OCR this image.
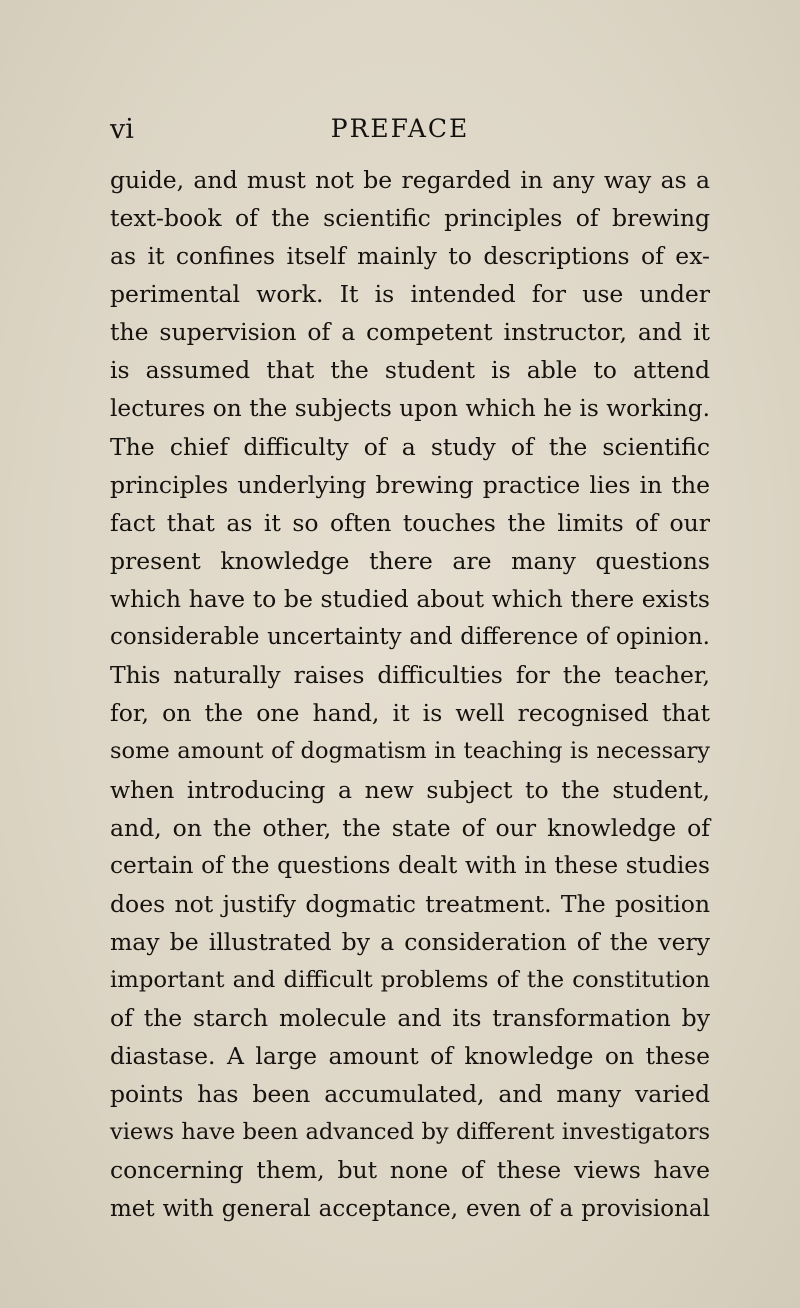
vi	PREFACE
guide, and must not be regarded in any way as a
text-book of the scientific principles of brewing
as it confines itself mainly to descriptions of ex-
perimental work. It is intended for use under
the supervision of a competent instructor, and it
is assumed that the student is able to attend
lectures on the subjects upon which he is working.
The chief difficulty of a study of the scientific
principles underlying brewing practice lies in the
fact that as it so often touches the limits of our
present knowledge there are many questions
which have to be studied about which there exists
considerable uncertainty and difference of opinion.
This naturally raises difficulties for the teacher,
for, on the one hand, it is well recognised that
some amount of dogmatism in teaching is necessary
when introducing a new subject to the student,
and, on the other, the state of our knowledge of
certain of the questions dealt with in these studies
does not justify dogmatic treatment. The position
may be illustrated by a consideration of the very
important and difficult problems of the constitution
of the starch molecule and its transformation by
diastase. A large amount of knowledge on these
points has been accumulated, and many varied
views have been advanced by different investigators
concerning them, but none of these views have
met with general acceptance, even of a provisional
